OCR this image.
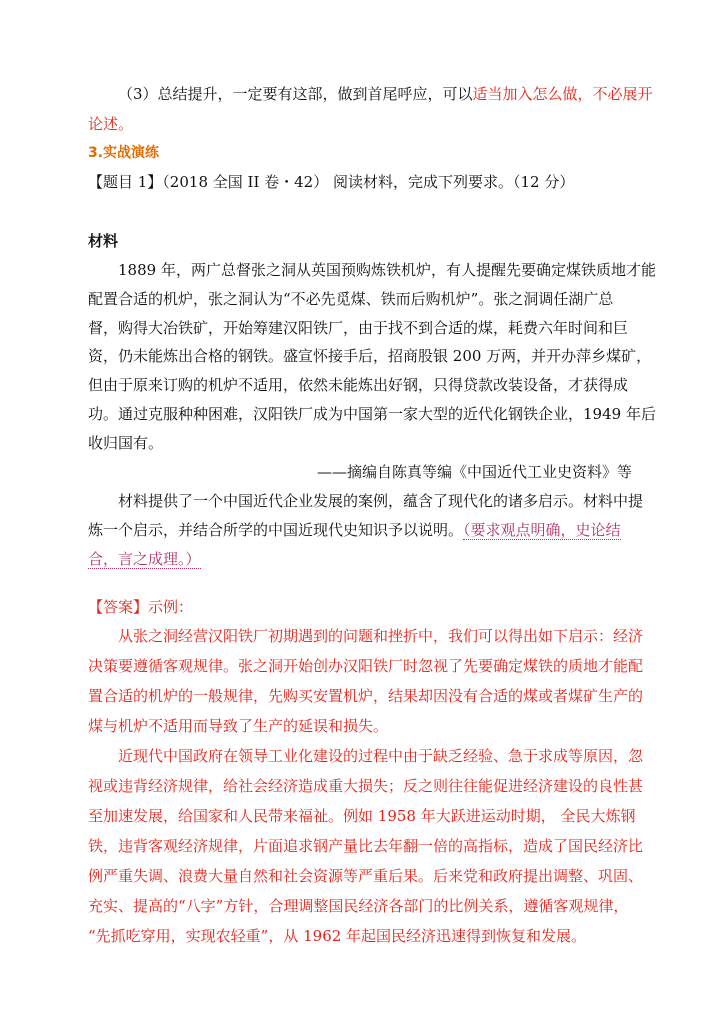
（3）总结提升，一定要有这部，做到首尾呼应，可以适当加入怎么做，不必展开
论述。
3.实战演练
【题目 1】（2018 全国 II 卷・42） 阅读材料，完成下列要求。（12 分）
材料
1889 年，两广总督张之洞从英国预购炼铁机炉，有人提醒先要确定煤铁质地才能
配置合适的机炉，张之洞认为“不必先觅煤、铁而后购机炉”。张之洞调任湖广总
督，购得大冶铁矿，开始筹建汉阳铁厂，由于找不到合适的煤，耗费六年时间和巨
资，仍未能炼出合格的钢铁。盛宣怀接手后，招商股银 200 万两，并开办萍乡煤矿，
但由于原来订购的机炉不适用，依然未能炼出好钢，只得贷款改装设备，才获得成
功。通过克服种种困难，汉阳铁厂成为中国第一家大型的近代化钢铁企业，1949 年后
收归国有。
——摘编自陈真等编《中国近代工业史资料》等
材料提供了一个中国近代企业发展的案例，蕴含了现代化的诸多启示。材料中提
炼一个启示，并结合所学的中国近现代史知识予以说明。（要求观点明确，史论结
合，言之成理。）
【答案】示例：
从张之洞经营汉阳铁厂初期遇到的问题和挫折中，我们可以得出如下启示：经济
决策要遵循客观规律。张之洞开始创办汉阳铁厂时忽视了先要确定煤铁的质地才能配
置合适的机炉的一般规律，先购买安置机炉，结果却因没有合适的煤或者煤矿生产的
煤与机炉不适用而导致了生产的延误和损失。
近现代中国政府在领导工业化建设的过程中由于缺乏经验、急于求成等原因，忽
视或违背经济规律，给社会经济造成重大损失；反之则往往能促进经济建设的良性甚
至加速发展，给国家和人民带来福祉。例如 1958 年大跃进运动时期， 全民大炼钢
铁，违背客观经济规律，片面追求钢产量比去年翻一倍的高指标，造成了国民经济比
例严重失调、浪费大量自然和社会资源等严重后果。后来党和政府提出调整、巩固、
充实、提高的“八字”方针，合理调整国民经济各部门的比例关系，遵循客观规律，
“先抓吃穿用，实现农轻重”，从 1962 年起国民经济迅速得到恢复和发展。
